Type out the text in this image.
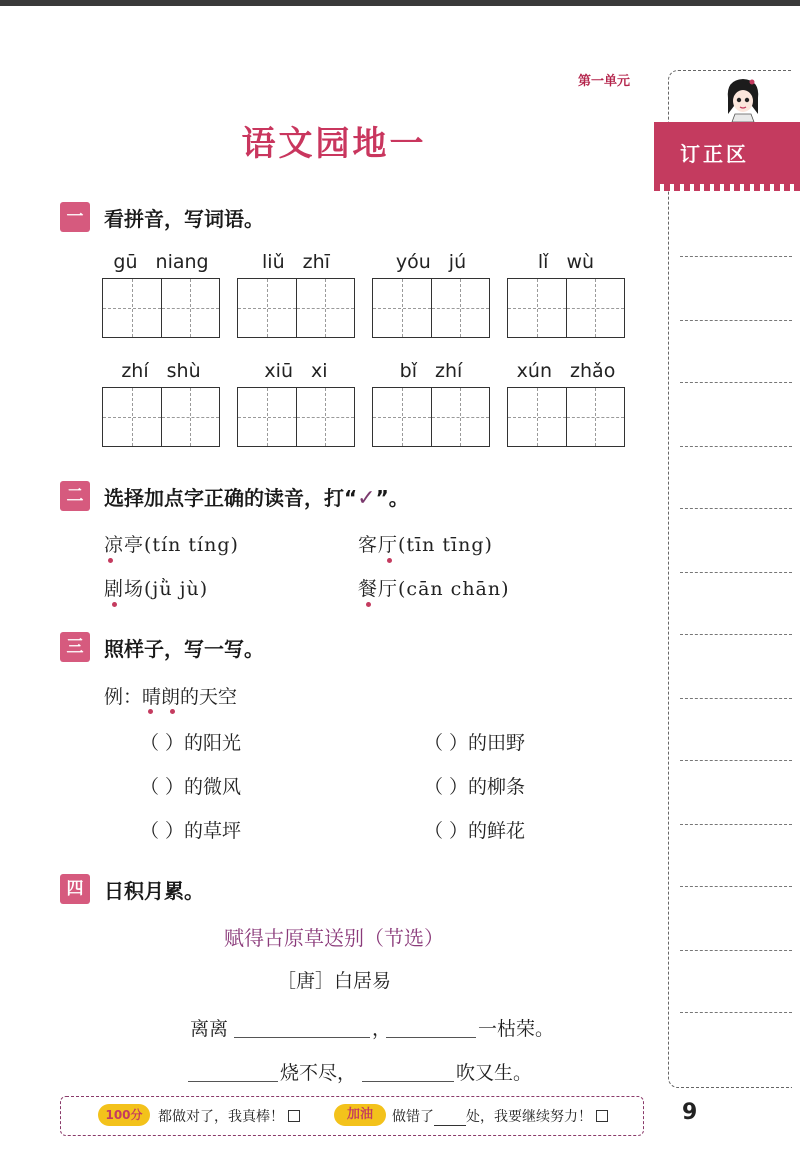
订正区
第一单元
语文园地一
一	看拼音，写词语。
gū niang	liǔ zhī	yóu jú	lǐ wù
zhí shù	xiū xi	bǐ zhí	xún zhǎo
二	选择加点字正确的读音，打“✓”。
凉亭(tín tíng)	客厅(tīn tīng)
剧场(jǜ jù)	餐厅(cān chān)
三	照样子，写一写。
例：晴朗的天空
（ ）的阳光	（ ）的田野
（ ）的微风	（ ）的柳条
（ ）的草坪	（ ）的鲜花
四	日积月累。
赋得古原草送别（节选）
［唐］白居易
离离	，	一枯荣。
烧不尽，	吹又生。
100分	都做对了，我真棒！	加油	做错了 处，我要继续努力！	9
